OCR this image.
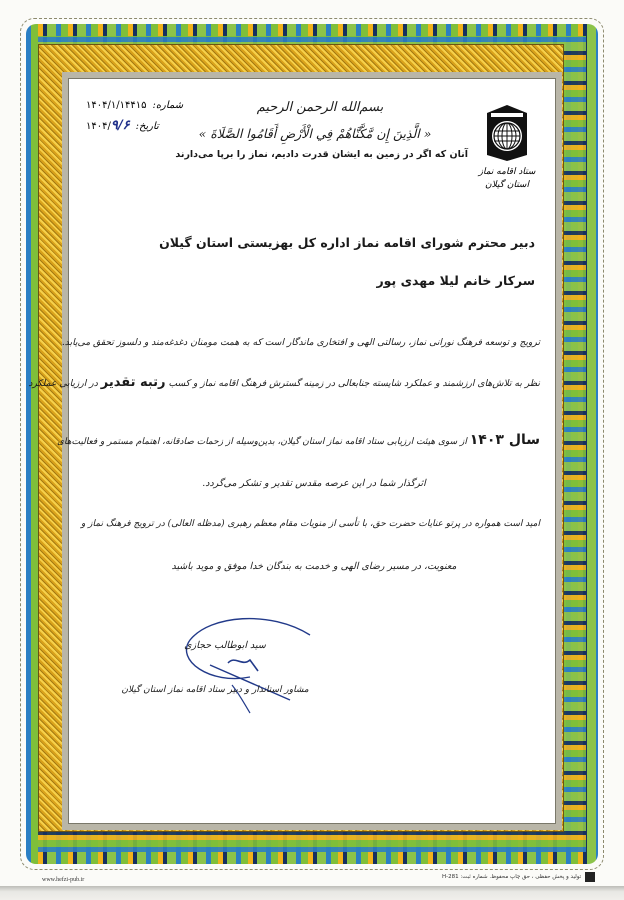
ستاد اقامه نماز
استان گیلان
شماره:
۱۴۰۴/۱/۱۴۴۱۵
تاریخ:
۱۴۰۴/۹/۶
بسم‌الله الرحمن الرحیم
« الَّذِينَ إِن مَّكَّنَّاهُمْ فِي الْأَرْضِ أَقَامُوا الصَّلَاةَ »
آنان که اگر در زمین به ایشان قدرت دادیم، نماز را برپا می‌دارند
دبیر محترم شورای اقامه نماز اداره کل بهزیستی استان گیلان
سرکار خانم لیلا مهدی پور
ترویج و توسعه فرهنگ نورانی نماز، رسالتی الهی و افتخاری ماندگار است که به همت مومنان دغدغه‌مند و دلسوز تحقق می‌یابد.
نظر به تلاش‌های ارزشمند و عملکرد شایسته جنابعالی در زمینه گسترش فرهنگ اقامه نماز و کسب رتبه تقدیر در ارزیابی عملکرد
سال ۱۴۰۳ از سوی هیئت ارزیابی ستاد اقامه نماز استان گیلان، بدین‌وسیله از زحمات صادقانه، اهتمام مستمر و فعالیت‌های
اثرگذار شما در این عرصه مقدس تقدیر و تشکر می‌گردد.
امید است همواره در پرتو عنایات حضرت حق، با تأسی از منویات مقام معظم رهبری (مدظله العالی) در ترویج فرهنگ نماز و
معنویت، در مسیر رضای الهی و خدمت به بندگان خدا موفق و موید باشید
سید ابوطالب حجازی
مشاور استاندار و دبیر ستاد اقامه نماز استان گیلان
www.hefzi-pub.ir	تولید و پخش حفظی ، حق چاپ محفوظ. شماره ثبت: H-281
